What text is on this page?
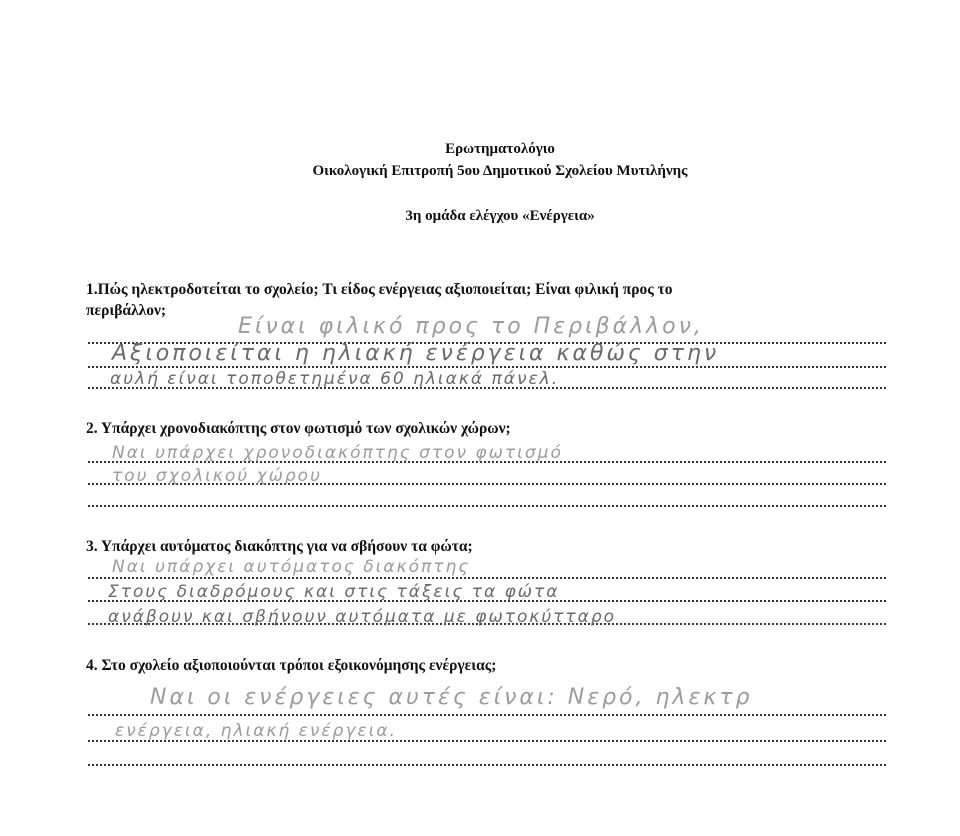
Ερωτηματολόγιο
Οικολογική Επιτροπή 5ου Δημοτικού Σχολείου Μυτιλήνης
3η ομάδα ελέγχου «Ενέργεια»
1.Πώς ηλεκτροδοτείται το σχολείο; Τι είδος ενέργειας αξιοποιείται; Είναι φιλική προς το
περιβάλλον;
Είναι φιλικό προς το Περιβάλλον,
Αξιοποιείται η ηλιακή ενέργεια καθώς στην
αυλή είναι τοποθετημένα 60 ηλιακά πάνελ.
2. Υπάρχει χρονοδιακόπτης στον φωτισμό των σχολικών χώρων;
Ναι υπάρχει χρονοδιακόπτης στον φωτισμό
του σχολικού χώρου
3. Υπάρχει αυτόματος διακόπτης για να σβήσουν τα φώτα;
Ναι υπάρχει αυτόματος διακόπτης
Στους διαδρόμους και στις τάξεις τα φώτα
ανάβουν και σβήνουν αυτόματα με φωτοκύτταρο
4. Στο σχολείο αξιοποιούνται τρόποι εξοικονόμησης ενέργειας;
Ναι οι ενέργειες αυτές είναι: Νερό, ηλεκτρ
ενέργεια, ηλιακή ενέργεια.
